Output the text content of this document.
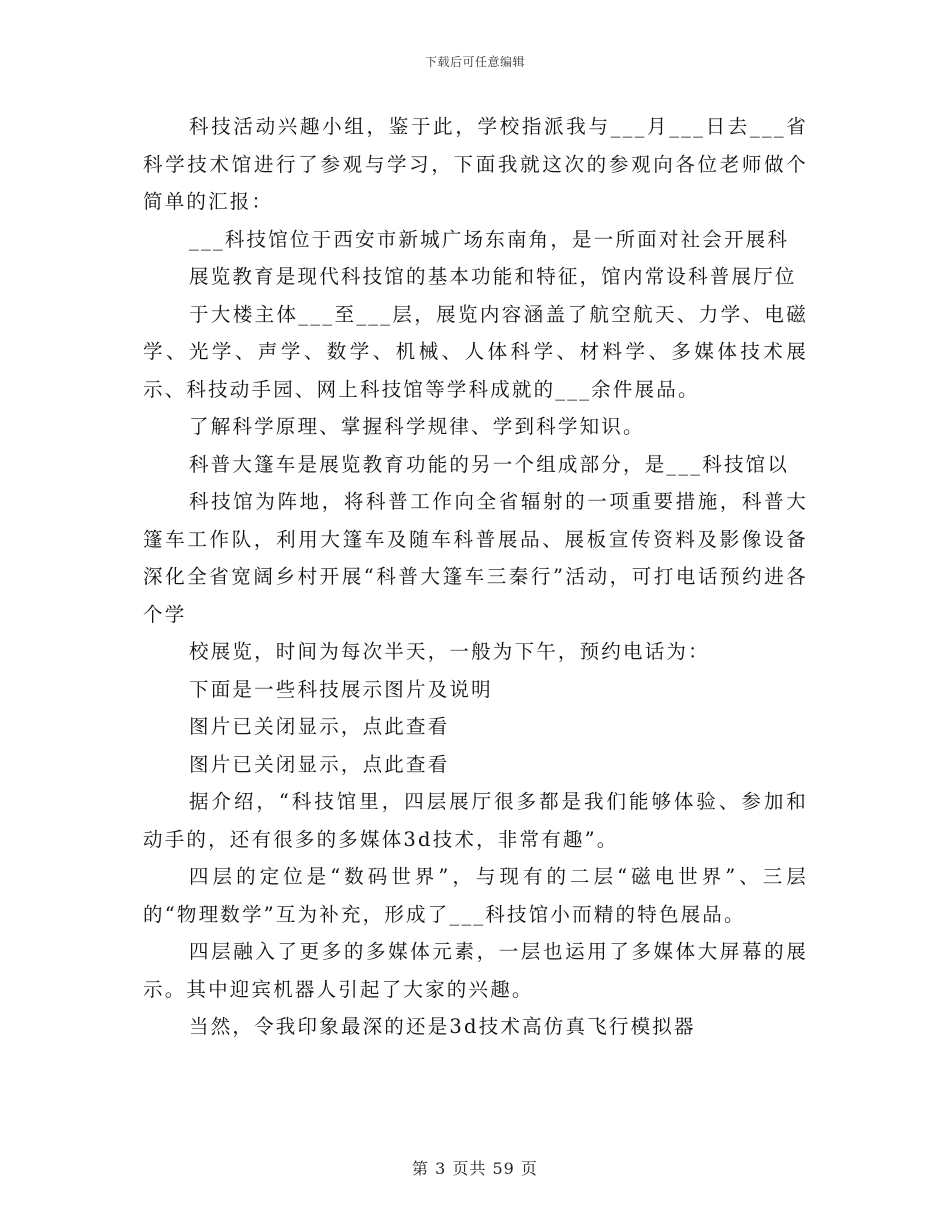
下载后可任意编辑

科技活动兴趣小组，鉴于此，学校指派我与___月___日去___省科学技术馆进行了参观与学习，下面我就这次的参观向各位老师做个简单的汇报：

___科技馆位于西安市新城广场东南角，是一所面对社会开展科

展览教育是现代科技馆的基本功能和特征，馆内常设科普展厅位

于大楼主体___至___层，展览内容涵盖了航空航天、力学、电磁学、光学、声学、数学、机械、人体科学、材料学、多媒体技术展示、科技动手园、网上科技馆等学科成就的___余件展品。

了解科学原理、掌握科学规律、学到科学知识。

科普大篷车是展览教育功能的另一个组成部分，是___科技馆以

科技馆为阵地，将科普工作向全省辐射的一项重要措施，科普大篷车工作队，利用大篷车及随车科普展品、展板宣传资料及影像设备深化全省宽阔乡村开展“科普大篷车三秦行”活动，可打电话预约进各个学

校展览，时间为每次半天，一般为下午，预约电话为：

下面是一些科技展示图片及说明

图片已关闭显示，点此查看

图片已关闭显示，点此查看

据介绍，“科技馆里，四层展厅很多都是我们能够体验、参加和动手的，还有很多的多媒体3d技术，非常有趣”。

四层的定位是“数码世界”，与现有的二层“磁电世界”、三层的“物理数学”互为补充，形成了___科技馆小而精的特色展品。

四层融入了更多的多媒体元素，一层也运用了多媒体大屏幕的展示。其中迎宾机器人引起了大家的兴趣。

当然，令我印象最深的还是3d技术高仿真飞行模拟器

第 3 页共 59 页
